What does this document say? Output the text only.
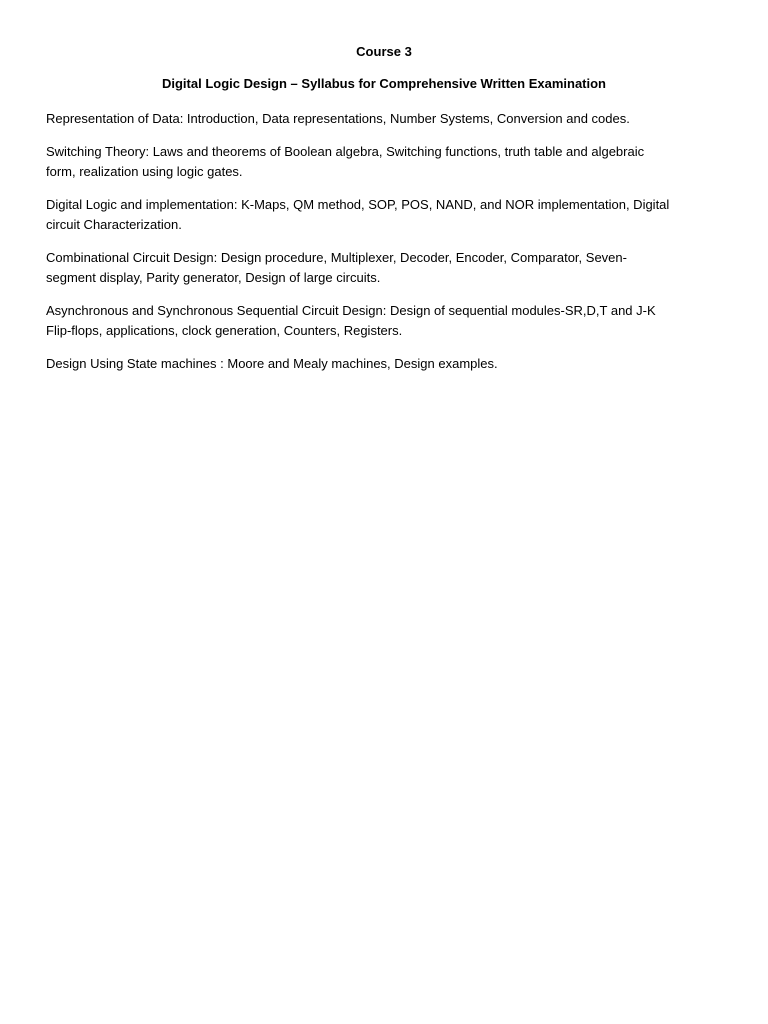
Course 3
Digital Logic Design – Syllabus for Comprehensive Written Examination

Representation of Data: Introduction, Data representations, Number Systems, Conversion and codes.

Switching Theory: Laws and theorems of Boolean algebra, Switching functions, truth table and algebraic
form, realization using logic gates.

Digital Logic and implementation: K-Maps, QM method, SOP, POS, NAND, and NOR implementation, Digital
circuit Characterization.

Combinational Circuit Design: Design procedure, Multiplexer, Decoder, Encoder, Comparator, Seven-
segment display, Parity generator, Design of large circuits.

Asynchronous and Synchronous Sequential Circuit Design: Design of sequential modules-SR,D,T and J-K
Flip-flops, applications, clock generation, Counters, Registers.

Design Using State machines : Moore and Mealy machines, Design examples.
